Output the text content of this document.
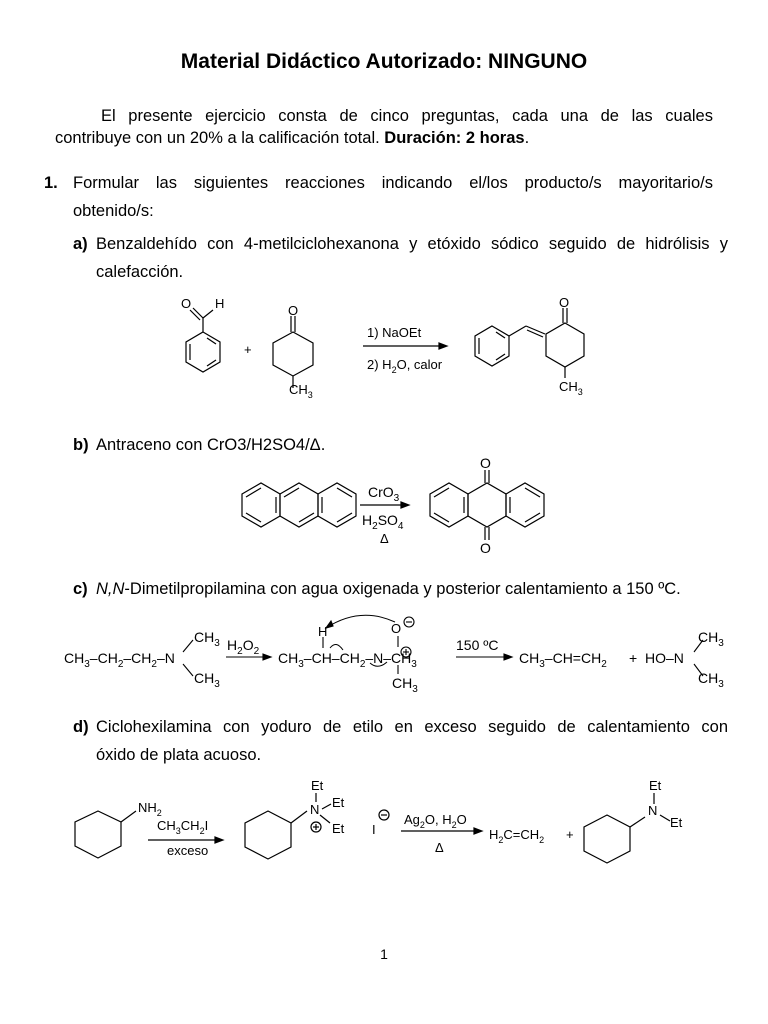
Material Didáctico Autorizado: NINGUNO
El presente ejercicio consta de cinco preguntas, cada una de las cuales
contribuye con un 20% a la calificación total. Duración: 2 horas.
1. Formular las siguientes reacciones indicando el/los producto/s mayoritario/s
obtenido/s:
a) Benzaldehído con 4-metilciclohexanona y etóxido sódico seguido de hidrólisis y
calefacción.
O H
+
O
$CH_3$
1) NaOEt
2) $H_2O$, calor
O
$CH_3$
b) Antraceno con CrO3/H2SO4/Δ.
CrO$_3$
$H_2SO_4$
Δ
O
O
c) N,N-Dimetilpropilamina con agua oxigenada y posterior calentamiento a 150 ºC.
$CH_3-CH_2-CH_2-N$
$CH_3$
$CH_3$
$H_2O_2$
H	O
$CH_3-CH-CH_2-N-CH_3$
$CH_3$
150 ºC
$CH_3-CH=CH_2 + HO-N$
$CH_3$
$CH_3$
d) Ciclohexilamina con yoduro de etilo en exceso seguido de calentamiento con
óxido de plata acuoso.
$NH_2$
$CH_3CH_2I$
exceso
Et
N Et
Et I
$Ag_2O$, $H_2O$
Δ
$H_2C=CH_2$ +
Et
N
Et
1
